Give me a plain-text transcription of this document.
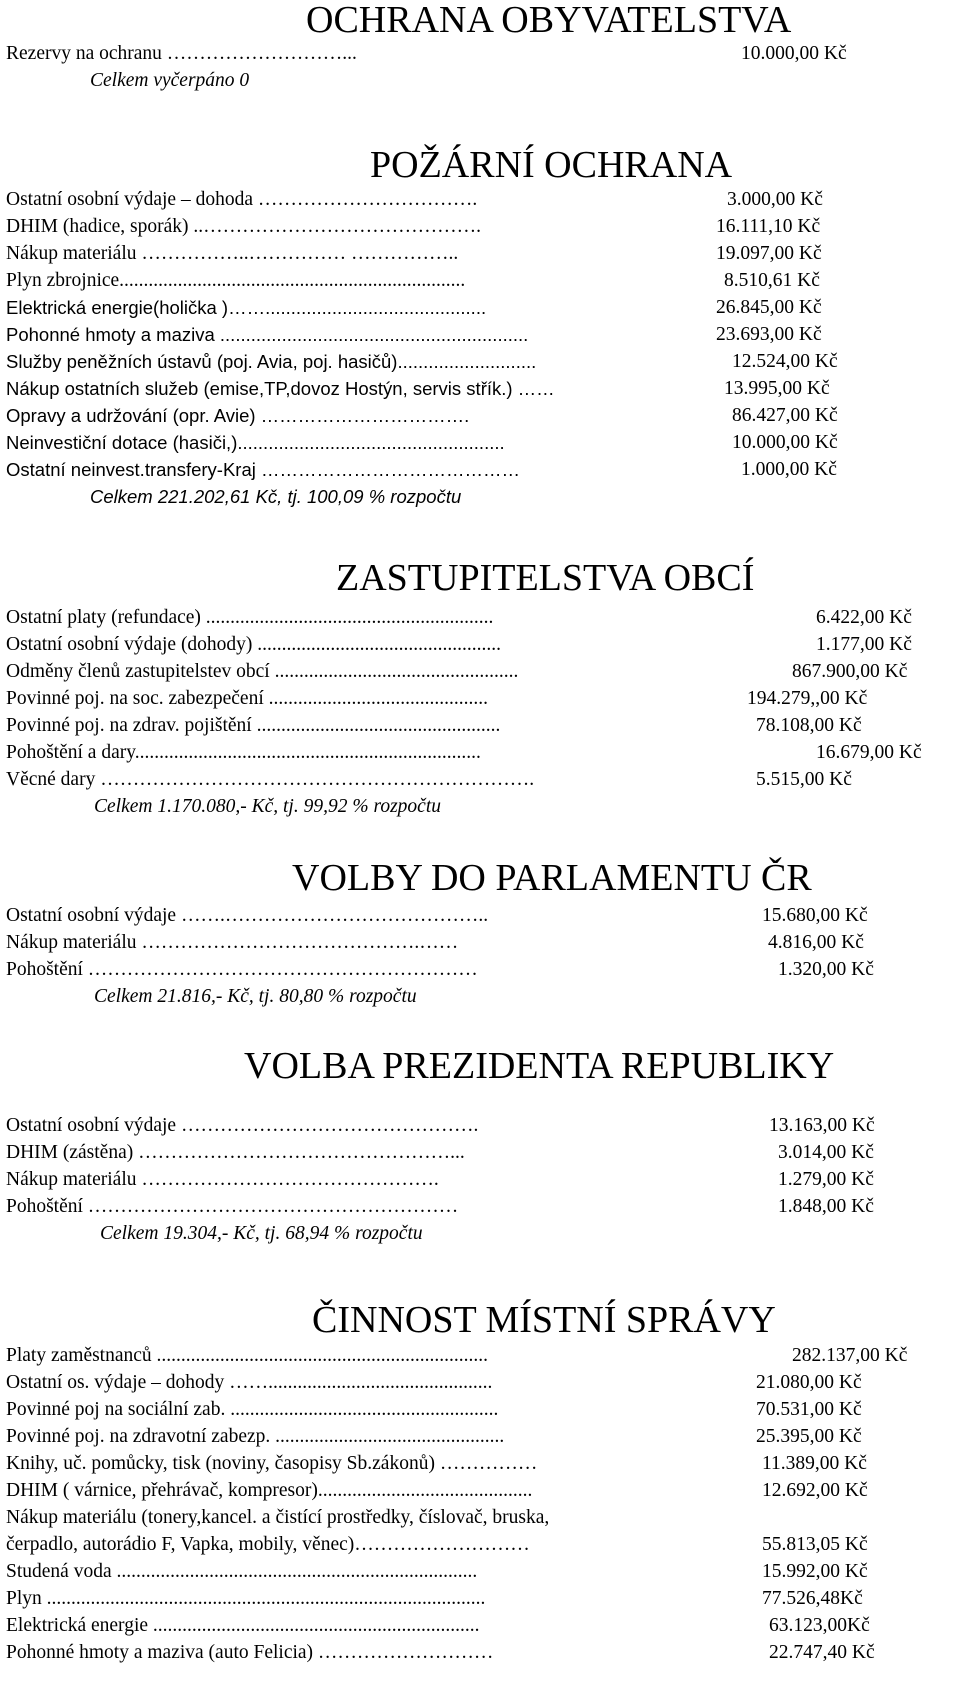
OCHRANA OBYVATELSTVA
Rezervy na ochranu ………………………...	10.000,00 Kč
Celkem vyčerpáno 0
POŽÁRNÍ OCHRANA
Ostatní osobní výdaje – dohoda …………………………….	3.000,00 Kč
DHIM (hadice, sporák) ..…………………………………….	16.111,10 Kč
Nákup materiálu ……………..…………… ……………..	19.097,00 Kč
Plyn zbrojnice.......................................................................	8.510,61 Kč
Elektrická energie(holička )……...........................................	26.845,00 Kč
Pohonné hmoty a maziva ............................................................	23.693,00 Kč
Služby peněžních ústavů (poj. Avia, poj. hasičů)...........................	12.524,00 Kč
Nákup ostatních služeb (emise,TP,dovoz Hostýn, servis střík.) ……	13.995,00 Kč
Opravy a udržování (opr. Avie) …………………………….	86.427,00 Kč
Neinvestiční dotace (hasiči,)....................................................	10.000,00 Kč
Ostatní neinvest.transfery-Kraj ……………………………………	1.000,00 Kč
Celkem 221.202,61 Kč, tj. 100,09 % rozpočtu
ZASTUPITELSTVA OBCÍ
Ostatní platy (refundace) ...........................................................	6.422,00 Kč
Ostatní osobní výdaje (dohody) ..................................................	1.177,00 Kč
Odměny členů zastupitelstev obcí ..................................................	867.900,00 Kč
Povinné poj. na soc. zabezpečení .............................................	194.279,,00 Kč
Povinné poj. na zdrav. pojištění ..................................................	78.108,00 Kč
Pohoštění a dary.......................................................................	16.679,00 Kč
Věcné dary ………………………………………………………….	5.515,00 Kč
Celkem 1.170.080,- Kč, tj. 99,92 % rozpočtu
VOLBY DO PARLAMENTU ČR
Ostatní osobní výdaje …….…………………………………..	15.680,00 Kč
Nákup materiálu …………………………………….……	4.816,00 Kč
Pohoštění ……………………………………………………	1.320,00 Kč
Celkem 21.816,- Kč, tj. 80,80 % rozpočtu
VOLBA PREZIDENTA REPUBLIKY
Ostatní osobní výdaje ……………………………………….	13.163,00 Kč
DHIM (zástěna) …………………………………………...	3.014,00 Kč
Nákup materiálu ……………………………………….	1.279,00 Kč
Pohoštění …………………………………………………	1.848,00 Kč
Celkem 19.304,- Kč, tj. 68,94 % rozpočtu
ČINNOST MÍSTNÍ SPRÁVY
Platy zaměstnanců ....................................................................	282.137,00 Kč
Ostatní os. výdaje – dohody ……..............................................	21.080,00 Kč
Povinné poj na sociální zab. .......................................................	70.531,00 Kč
Povinné poj. na zdravotní zabezp. ...............................................	25.395,00 Kč
Knihy, uč. pomůcky, tisk (noviny, časopisy Sb.zákonů) ……………	11.389,00 Kč
DHIM ( várnice, přehrávač, kompresor)............................................	12.692,00 Kč
Nákup materiálu (tonery,kancel. a čistící prostředky, číslovač, bruska,
čerpadlo, autorádio F, Vapka, mobily, věnec)………………………	55.813,05 Kč
Studená voda ..........................................................................	15.992,00 Kč
Plyn ..........................................................................................	77.526,48Kč
Elektrická energie ...................................................................	63.123,00Kč
Pohonné hmoty a maziva (auto Felicia) ………………………	22.747,40 Kč
